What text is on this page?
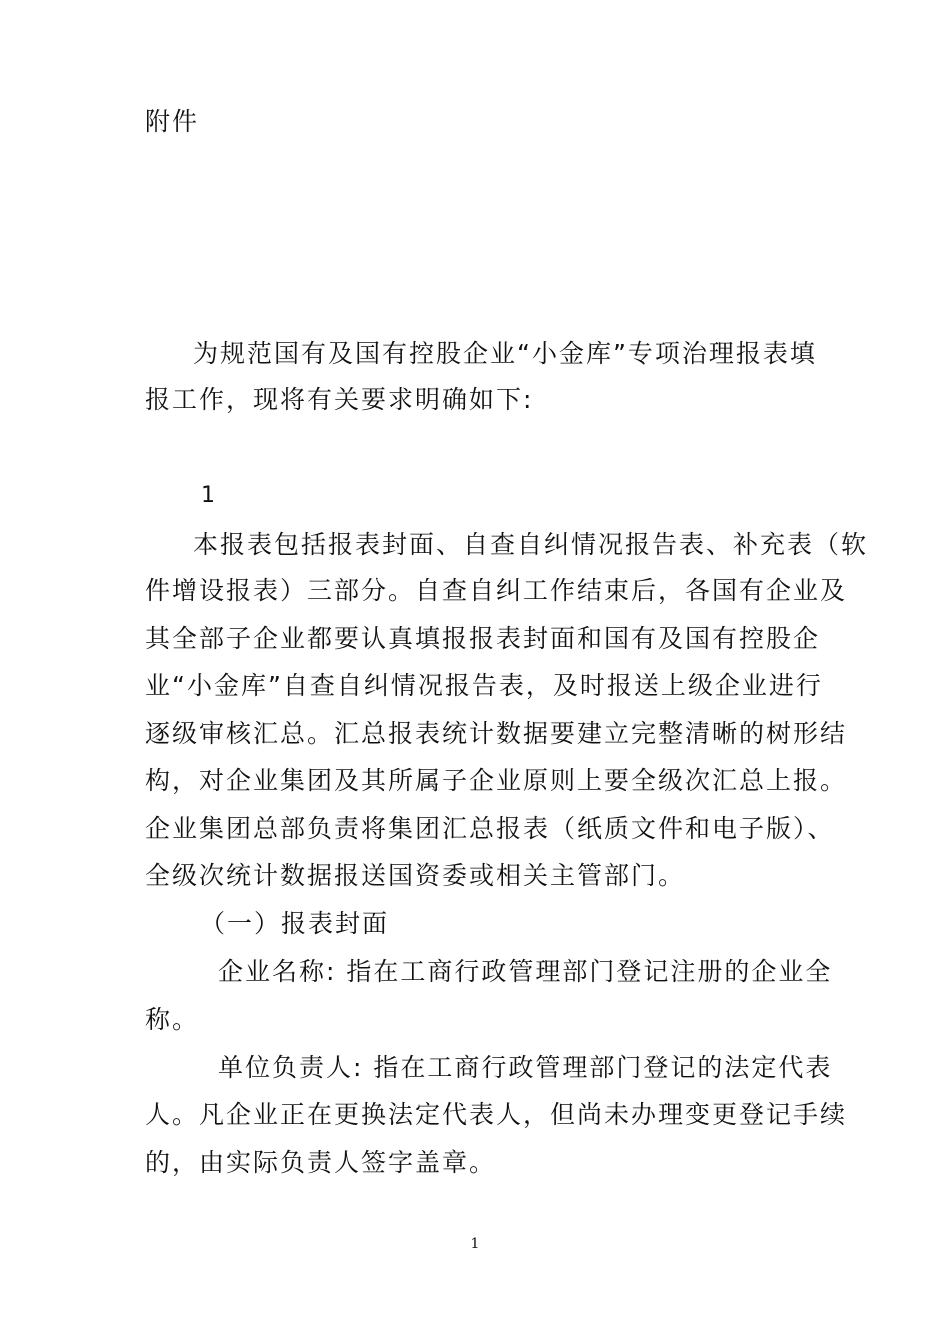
附件
为规范国有及国有控股企业“小金库”专项治理报表填
报工作，现将有关要求明确如下:
1
本报表包括报表封面、自查自纠情况报告表、补充表（软
件增设报表）三部分。自查自纠工作结束后，各国有企业及
其全部子企业都要认真填报报表封面和国有及国有控股企
业“小金库”自查自纠情况报告表，及时报送上级企业进行
逐级审核汇总。汇总报表统计数据要建立完整清晰的树形结
构，对企业集团及其所属子企业原则上要全级次汇总上报。
企业集团总部负责将集团汇总报表（纸质文件和电子版）、
全级次统计数据报送国资委或相关主管部门。
（一）报表封面
企业名称: 指在工商行政管理部门登记注册的企业全
称。
单位负责人: 指在工商行政管理部门登记的法定代表
人。凡企业正在更换法定代表人，但尚未办理变更登记手续
的，由实际负责人签字盖章。
1
